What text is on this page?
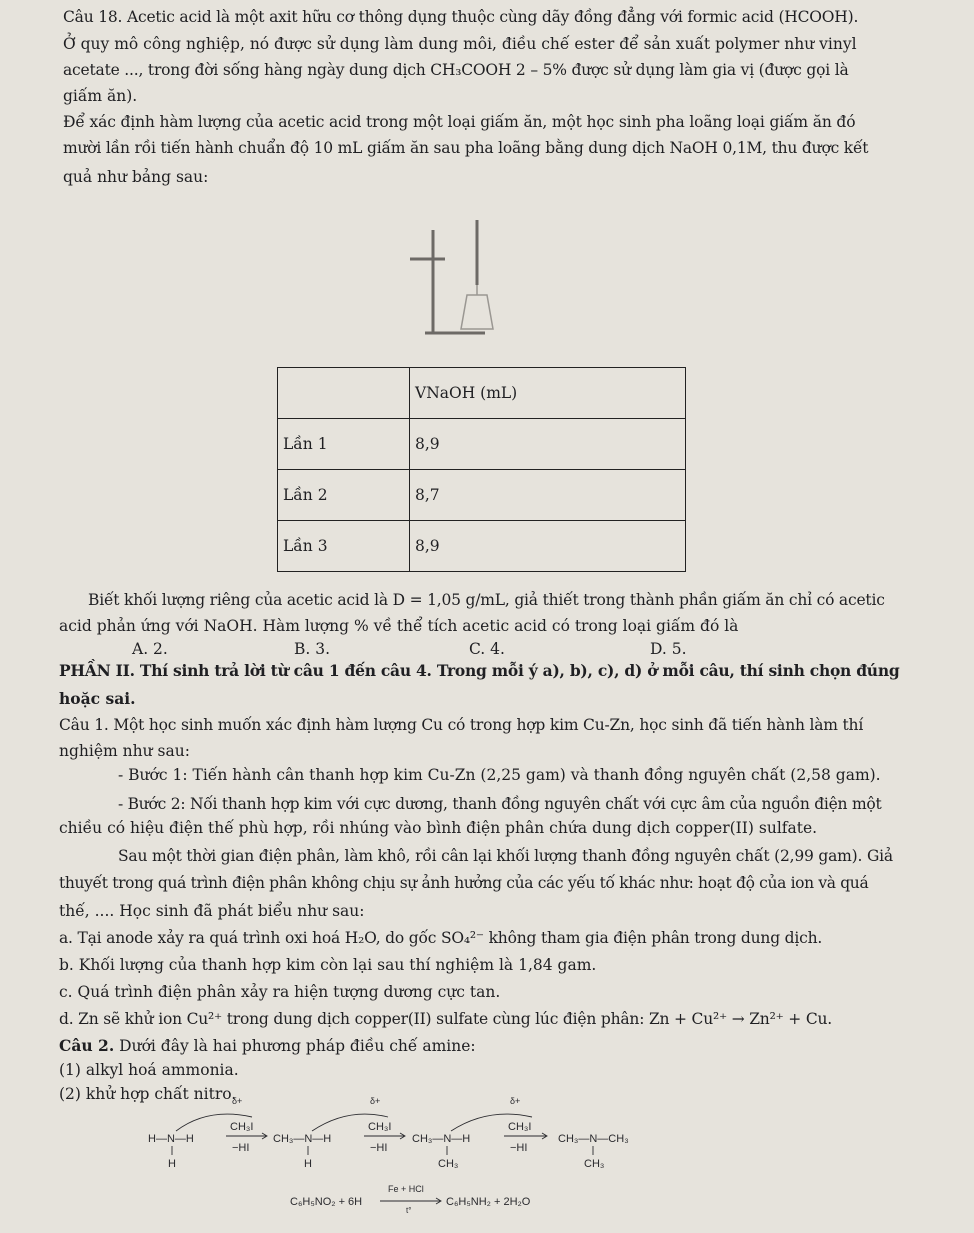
Câu 18. Acetic acid là một axit hữu cơ thông dụng thuộc cùng dãy đồng đẳng với formic acid (HCOOH).
Ở quy mô công nghiệp, nó được sử dụng làm dung môi, điều chế ester để sản xuất polymer như vinyl
acetate ..., trong đời sống hàng ngày dung dịch CH₃COOH 2 – 5% được sử dụng làm gia vị (được gọi là
giấm ăn).
Để xác định hàm lượng của acetic acid trong một loại giấm ăn, một học sinh pha loãng loại giấm ăn đó
mười lần rồi tiến hành chuẩn độ 10 mL giấm ăn sau pha loãng bằng dung dịch NaOH 0,1M, thu được kết
quả như bảng sau:
	VNaOH (mL)
Lần 1	8,9
Lần 2	8,7
Lần 3	8,9
Biết khối lượng riêng của acetic acid là D = 1,05 g/mL, giả thiết trong thành phần giấm ăn chỉ có acetic
acid phản ứng với NaOH. Hàm lượng % về thể tích acetic acid có trong loại giấm đó là
A. 2.	B. 3.	C. 4.	D. 5.
PHẦN II. Thí sinh trả lời từ câu 1 đến câu 4. Trong mỗi ý a), b), c), d) ở mỗi câu, thí sinh chọn đúng
hoặc sai.
Câu 1. Một học sinh muốn xác định hàm lượng Cu có trong hợp kim Cu-Zn, học sinh đã tiến hành làm thí
nghiệm như sau:
- Bước 1: Tiến hành cân thanh hợp kim Cu-Zn (2,25 gam) và thanh đồng nguyên chất (2,58 gam).
- Bước 2: Nối thanh hợp kim với cực dương, thanh đồng nguyên chất với cực âm của nguồn điện một
chiều có hiệu điện thế phù hợp, rồi nhúng vào bình điện phân chứa dung dịch copper(II) sulfate.
Sau một thời gian điện phân, làm khô, rồi cân lại khối lượng thanh đồng nguyên chất (2,99 gam). Giả
thuyết trong quá trình điện phân không chịu sự ảnh hưởng của các yếu tố khác như: hoạt độ của ion và quá
thế, .... Học sinh đã phát biểu như sau:
a. Tại anode xảy ra quá trình oxi hoá H₂O, do gốc SO₄²⁻ không tham gia điện phân trong dung dịch.
b. Khối lượng của thanh hợp kim còn lại sau thí nghiệm là 1,84 gam.
c. Quá trình điện phân xảy ra hiện tượng dương cực tan.
d. Zn sẽ khử ion Cu²⁺ trong dung dịch copper(II) sulfate cùng lúc điện phân: Zn + Cu²⁺ → Zn²⁺ + Cu.
Câu 2. Dưới đây là hai phương pháp điều chế amine:
(1) alkyl hoá ammonia.
(2) khử hợp chất nitro.
H—N—H
H
δ+
CH₃I
−HI
CH₃—N—H
H
δ+
CH₃I
−HI
CH₃—N—H
CH₃
δ+
CH₃I
−HI
CH₃—N—CH₃
CH₃
C₆H₅NO₂ + 6H
Fe + HCl
t°
C₆H₅NH₂ + 2H₂O
